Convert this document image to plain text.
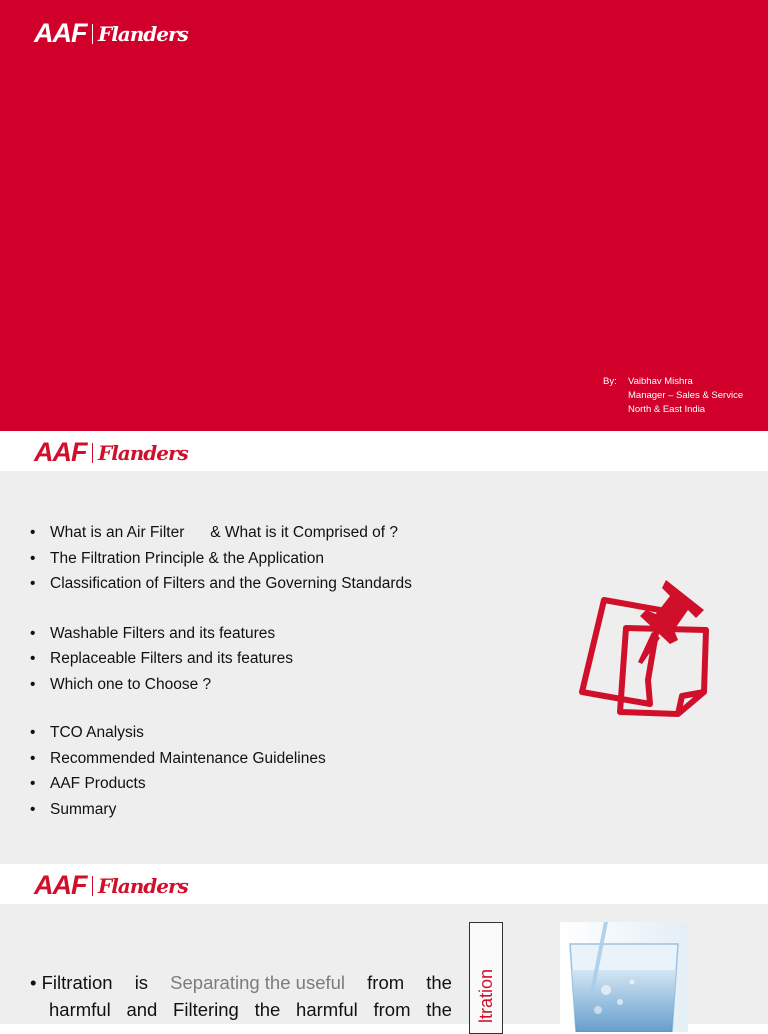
AAF Flanders
By: Vaibhav Mishra
Manager – Sales & Service
North & East India
AAF Flanders
• What is an Air Filter      & What is it Comprised of ?
• The Filtration Principle & the Application
• Classification of Filters and the Governing Standards
• Washable Filters and its features
• Replaceable Filters and its features
• Which one to Choose ?
• TCO Analysis
• Recommended Maintenance Guidelines
• AAF Products
• Summary
AAF Flanders
• Filtration is Separating the useful from the
harmful and Filtering the harmful from the ltration
